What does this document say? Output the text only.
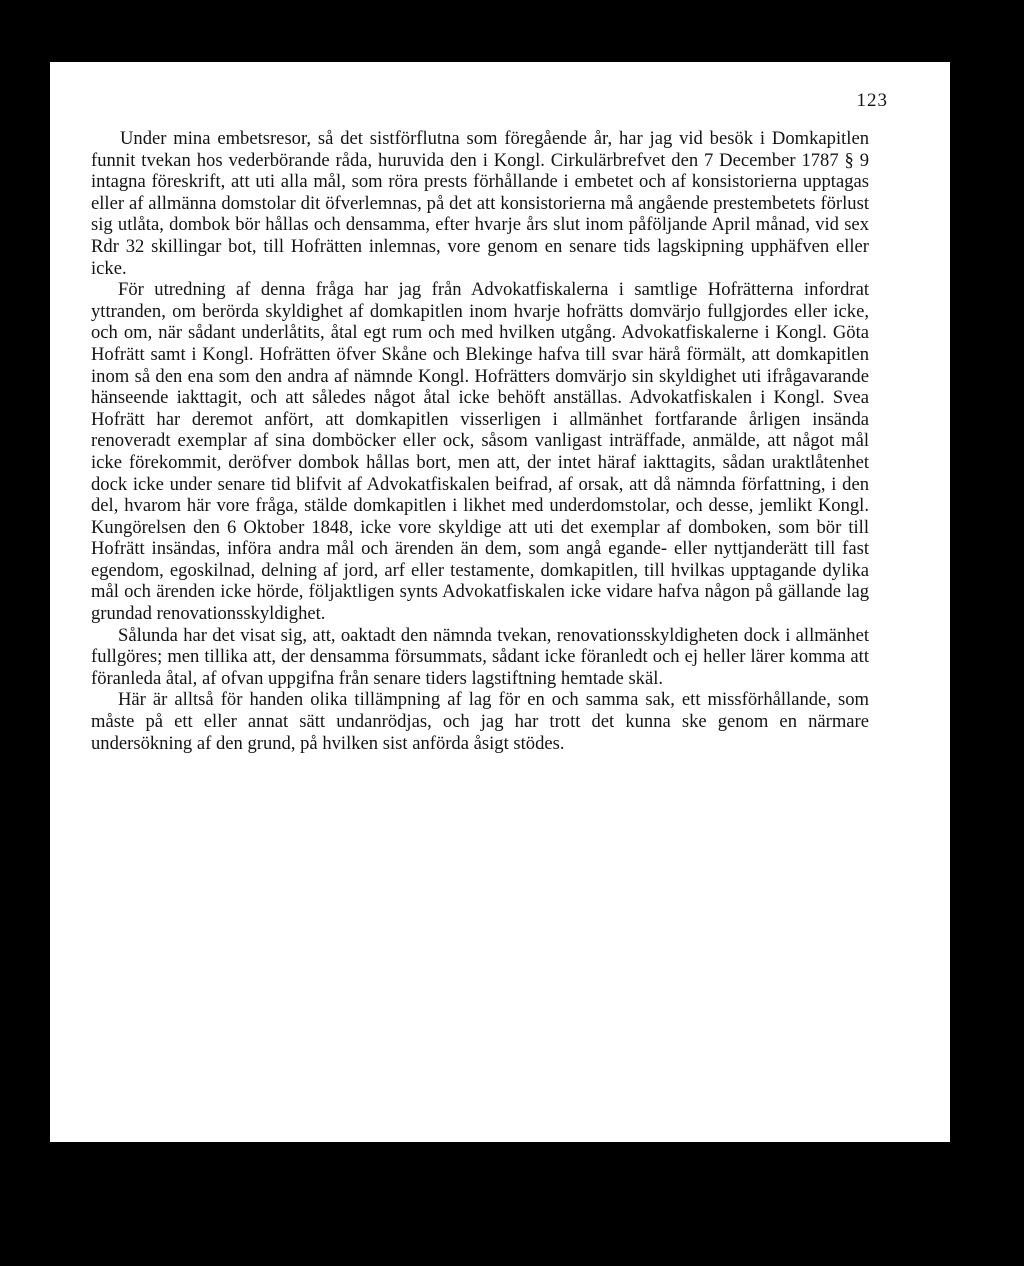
123

Under mina embetsresor, så det sistförflutna som föregående år, har jag vid besök i Domkapitlen funnit tvekan hos vederbörande råda, huruvida den i Kongl. Cirkulärbrefvet den 7 December 1787 § 9 intagna föreskrift, att uti alla mål, som röra prests förhållande i embetet och af konsistorierna upptagas eller af allmänna domstolar dit öfverlemnas, på det att konsistorierna må angående prestembetets förlust sig utlåta, dombok bör hållas och densamma, efter hvarje års slut inom påföljande April månad, vid sex Rdr 32 skillingar bot, till Hofrätten inlemnas, vore genom en senare tids lagskipning upphäfven eller icke.

För utredning af denna fråga har jag från Advokatfiskalerna i samtlige Hofrätterna infordrat yttranden, om berörda skyldighet af domkapitlen inom hvarje hofrätts domvärjo fullgjordes eller icke, och om, när sådant underlåtits, åtal egt rum och med hvilken utgång. Advokatfiskalerne i Kongl. Göta Hofrätt samt i Kongl. Hofrätten öfver Skåne och Blekinge hafva till svar härå förmält, att domkapitlen inom så den ena som den andra af nämnde Kongl. Hofrätters domvärjo sin skyldighet uti ifrågavarande hänseende iakttagit, och att således något åtal icke behöft anställas. Advokatfiskalen i Kongl. Svea Hofrätt har deremot anfört, att domkapitlen visserligen i allmänhet fortfarande årligen insända renoveradt exemplar af sina domböcker eller ock, såsom vanligast inträffade, anmälde, att något mål icke förekommit, deröfver dombok hållas bort, men att, der intet häraf iakttagits, sådan uraktlåtenhet dock icke under senare tid blifvit af Advokatfiskalen beifrad, af orsak, att då nämnda författning, i den del, hvarom här vore fråga, stälde domkapitlen i likhet med underdomstolar, och desse, jemlikt Kongl. Kungörelsen den 6 Oktober 1848, icke vore skyldige att uti det exemplar af domboken, som bör till Hofrätt insändas, införa andra mål och ärenden än dem, som angå egande- eller nyttjanderätt till fast egendom, egoskilnad, delning af jord, arf eller testamente, domkapitlen, till hvilkas upptagande dylika mål och ärenden icke hörde, följaktligen synts Advokatfiskalen icke vidare hafva någon på gällande lag grundad renovationsskyldighet.

Sålunda har det visat sig, att, oaktadt den nämnda tvekan, renovationsskyldigheten dock i allmänhet fullgöres; men tillika att, der densamma försummats, sådant icke föranledt och ej heller lärer komma att föranleda åtal, af ofvan uppgifna från senare tiders lagstiftning hemtade skäl.

Här är alltså för handen olika tillämpning af lag för en och samma sak, ett missförhållande, som måste på ett eller annat sätt undanrödjas, och jag har trott det kunna ske genom en närmare undersökning af den grund, på hvilken sist anförda åsigt stödes.
